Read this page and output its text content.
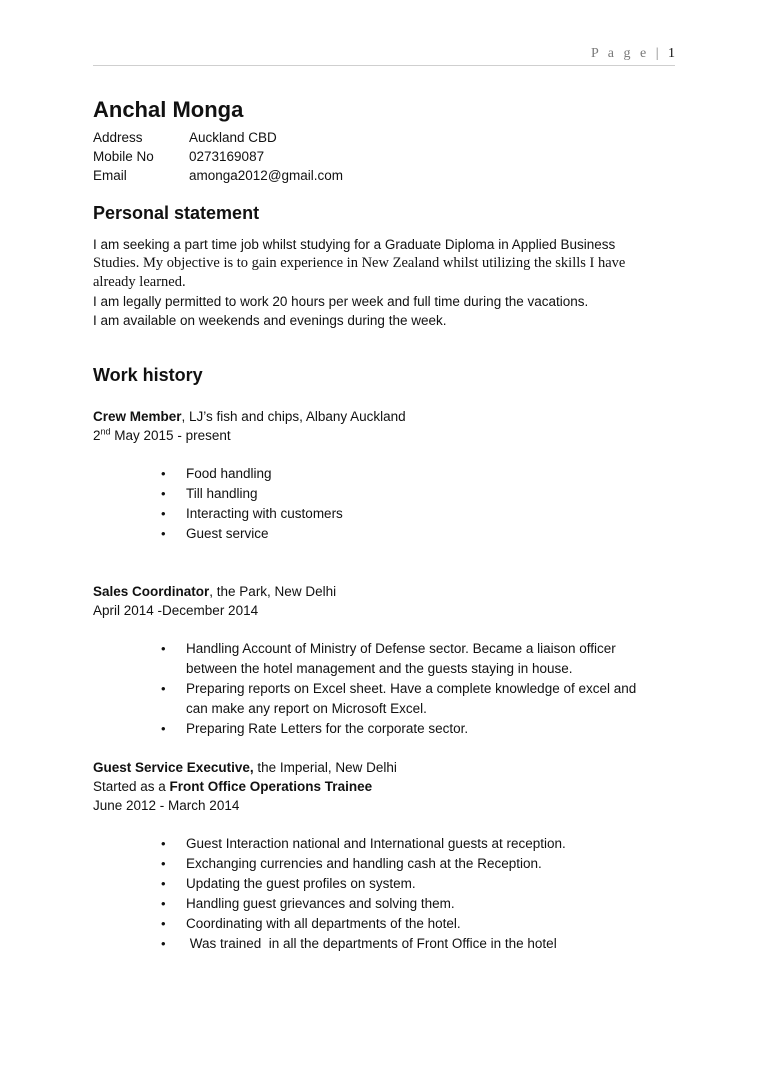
P a g e | 1
Anchal Monga
Address	Auckland CBD
Mobile No	0273169087
Email	amonga2012@gmail.com
Personal statement
I am seeking a part time job whilst studying for a Graduate Diploma in Applied Business
Studies. My objective is to gain experience in New Zealand whilst utilizing the skills I have
already learned.
I am legally permitted to work 20 hours per week and full time during the vacations.
I am available on weekends and evenings during the week.
Work history
Crew Member, LJ’s fish and chips, Albany Auckland
2nd May 2015 - present
• Food handling
• Till handling
• Interacting with customers
• Guest service
Sales Coordinator, the Park, New Delhi
April 2014 -December 2014
• Handling Account of Ministry of Defense sector. Became a liaison officer
between the hotel management and the guests staying in house.
• Preparing reports on Excel sheet. Have a complete knowledge of excel and
can make any report on Microsoft Excel.
• Preparing Rate Letters for the corporate sector.
Guest Service Executive, the Imperial, New Delhi
Started as a Front Office Operations Trainee
June 2012 - March 2014
• Guest Interaction national and International guests at reception.
• Exchanging currencies and handling cash at the Reception.
• Updating the guest profiles on system.
• Handling guest grievances and solving them.
• Coordinating with all departments of the hotel.
• Was trained  in all the departments of Front Office in the hotel
